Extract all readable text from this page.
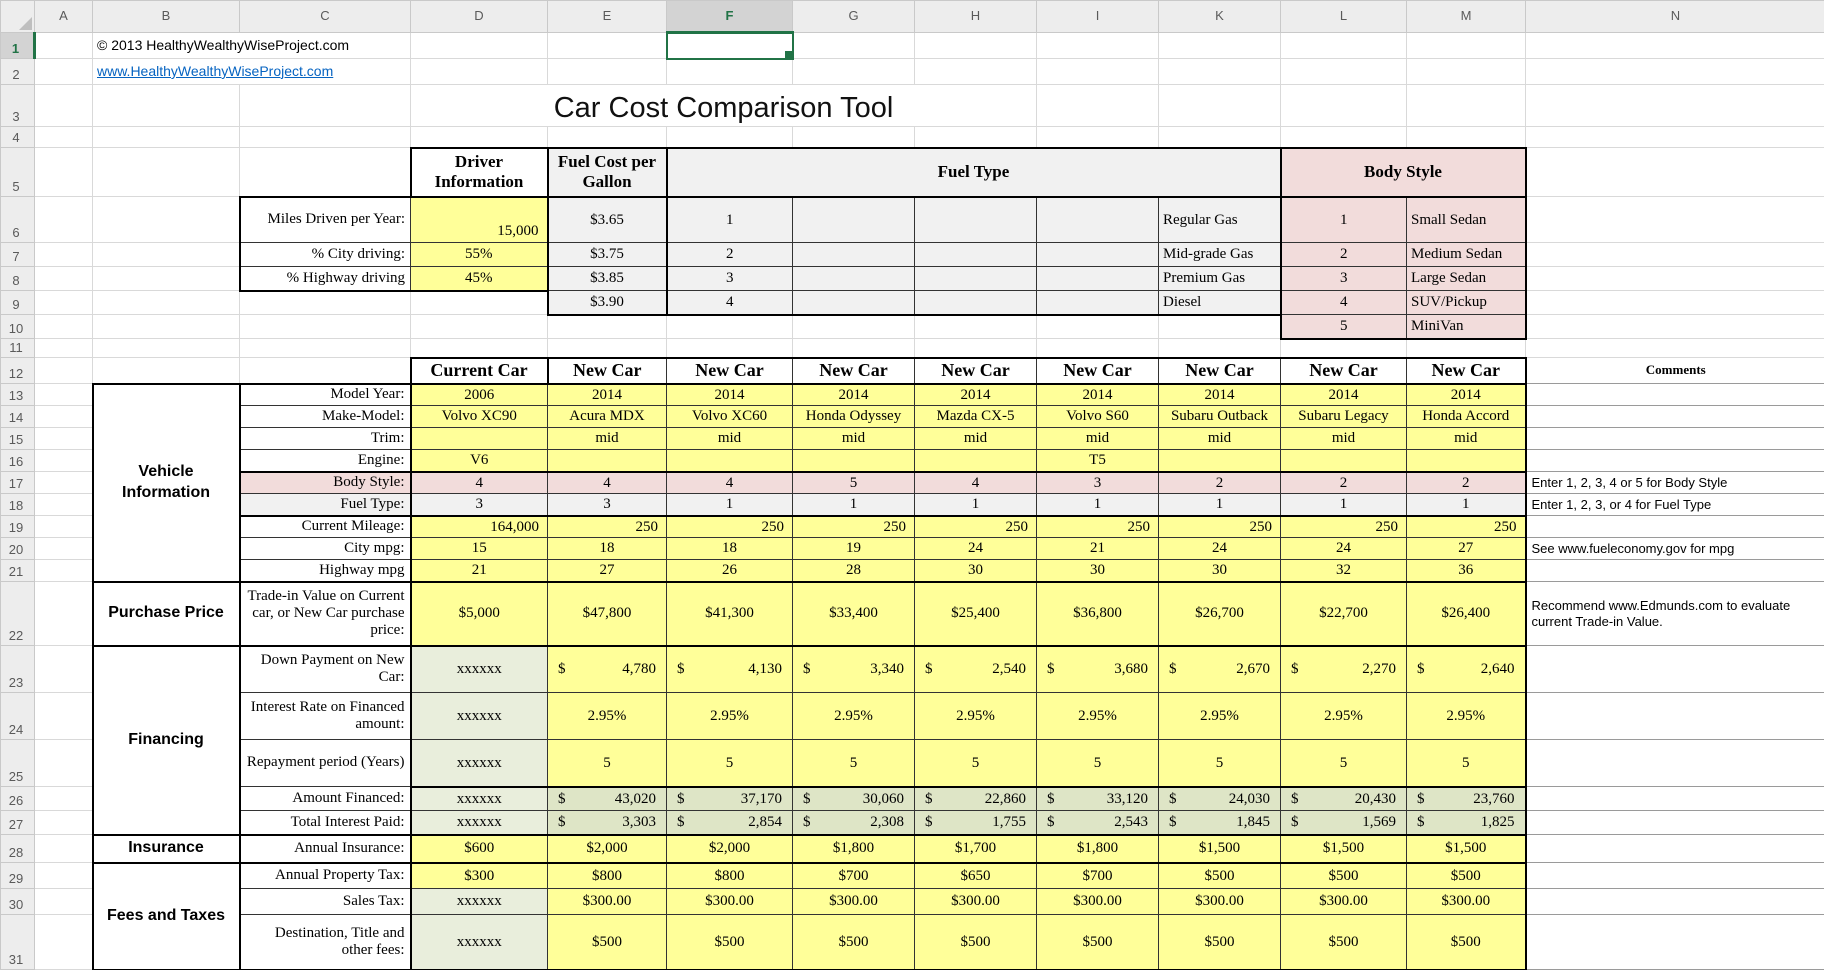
	A	B	C	D	E	F	G	H	I	K	L	M	N
1		© 2013 HealthyWealthyWiseProject.com											
2		www.HealthyWealthyWiseProject.com											
3				Car Cost Comparison Tool									
4													
5				Driver Information	Fuel Cost per Gallon	Fuel Type					Body Style		
6			Miles Driven per Year:	15,000	$3.65	1				Regular Gas	1	Small Sedan	
7			% City driving:	55%	$3.75	2				Mid-grade Gas	2	Medium Sedan	
8			% Highway driving	45%	$3.85	3				Premium Gas	3	Large Sedan	
9					$3.90	4				Diesel	4	SUV/Pickup	
10											5	MiniVan	
11													
12				Current Car	New Car	New Car	New Car	New Car	New Car	New Car	New Car	New Car	Comments
13		Vehicle Information	Model Year:	2006	2014	2014	2014	2014	2014	2014	2014	2014	
14			Make-Model:	Volvo XC90	Acura MDX	Volvo XC60	Honda Odyssey	Mazda CX-5	Volvo S60	Subaru Outback	Subaru Legacy	Honda Accord	
15			Trim:		mid	mid	mid	mid	mid	mid	mid	mid	
16			Engine:	V6					T5				
17			Body Style:	4	4	4	5	4	3	2	2	2	Enter 1, 2, 3, 4 or 5 for Body Style
18			Fuel Type:	3	3	1	1	1	1	1	1	1	Enter 1, 2, 3, or 4 for Fuel Type
19			Current Mileage:	164,000	250	250	250	250	250	250	250	250	
20			City mpg:	15	18	18	19	24	21	24	24	27	See www.fueleconomy.gov for mpg
21			Highway mpg	21	27	26	28	30	30	30	32	36	
22		Purchase Price	Trade-in Value on Current car, or New Car purchase price:	$5,000	$47,800	$41,300	$33,400	$25,400	$36,800	$26,700	$22,700	$26,400	Recommend www.Edmunds.com to evaluate current Trade-in Value.
23		Financing	Down Payment on New Car:	xxxxxx	$ 4,780	$ 4,130	$ 3,340	$ 2,540	$ 3,680	$ 2,670	$ 2,270	$ 2,640	

24			Interest Rate on Financed amount:	xxxxxx	2.95%	2.95%	2.95%	2.95%	2.95%	2.95%	2.95%	2.95%	
25			Repayment period (Years)	xxxxxx	5	5	5	5	5	5	5	5	
26			Amount Financed:	xxxxxx	$ 43,020	$ 37,170	$ 30,060	$ 22,860	$ 33,120	$ 24,030	$ 20,430	$ 23,760	

27			Total Interest Paid:	xxxxxx	$ 3,303	$ 2,854	$ 2,308	$ 1,755	$ 2,543	$ 1,845	$ 1,569	$ 1,825	

28		Insurance	Annual Insurance:	$600	$2,000	$2,000	$1,800	$1,700	$1,800	$1,500	$1,500	$1,500	
29		Fees and Taxes	Annual Property Tax:	$300	$800	$800	$700	$650	$700	$500	$500	$500	
30			Sales Tax:	xxxxxx	$300.00	$300.00	$300.00	$300.00	$300.00	$300.00	$300.00	$300.00	
31			Destination, Title and other fees:	xxxxxx	$500	$500	$500	$500	$500	$500	$500	$500	
